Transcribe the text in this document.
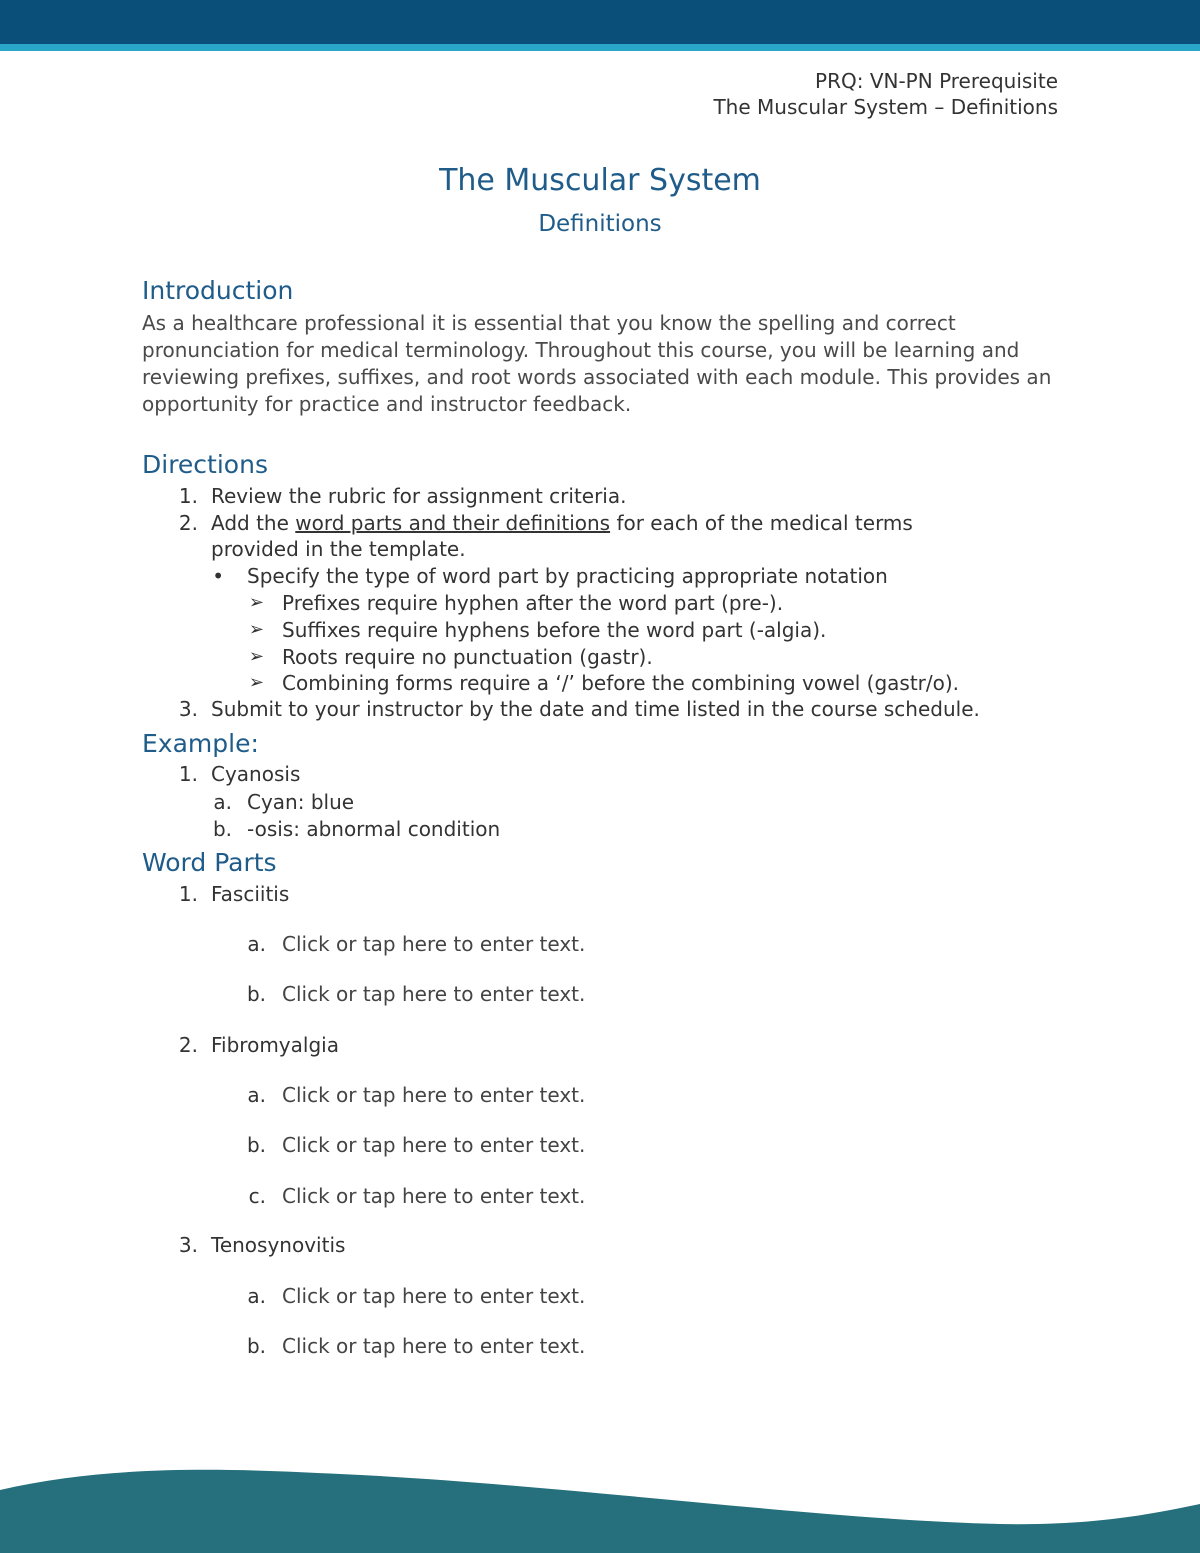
PRQ: VN-PN Prerequisite
The Muscular System – Definitions
The Muscular System
Definitions
Introduction

As a healthcare professional it is essential that you know the spelling and correct pronunciation for medical terminology. Throughout this course, you will be learning and reviewing prefixes, suffixes, and root words associated with each module. This provides an opportunity for practice and instructor feedback.

Directions
1. Review the rubric for assignment criteria.
2. Add the word parts and their definitions for each of the medical terms
provided in the template.
• Specify the type of word part by practicing appropriate notation
➢ Prefixes require hyphen after the word part (pre-).
➢ Suffixes require hyphens before the word part (-algia).
➢ Roots require no punctuation (gastr).
➢ Combining forms require a ‘/’ before the combining vowel (gastr/o).
3. Submit to your instructor by the date and time listed in the course schedule.
Example:
1. Cyanosis
a. Cyan: blue
b. -osis: abnormal condition
Word Parts
1. Fasciitis
a. Click or tap here to enter text.
b. Click or tap here to enter text.
2. Fibromyalgia
a. Click or tap here to enter text.
b. Click or tap here to enter text.
c. Click or tap here to enter text.
3. Tenosynovitis
a. Click or tap here to enter text.
b. Click or tap here to enter text.
